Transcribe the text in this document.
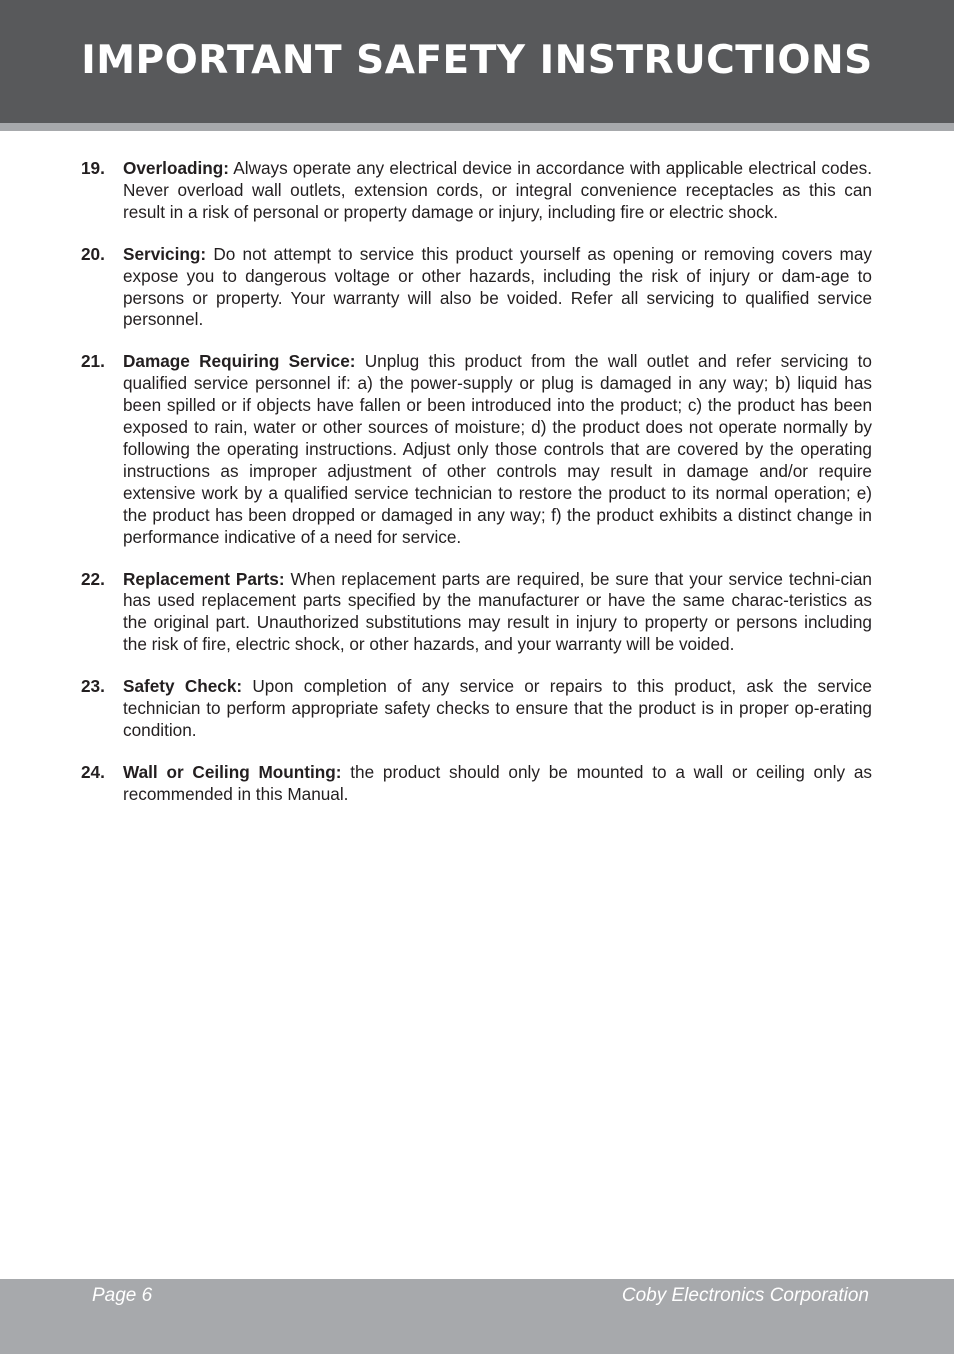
IMPORTANT SAFETY INSTRUCTIONS
19. Overloading: Always operate any electrical device in accordance with applicable electrical codes. Never overload wall outlets, extension cords, or integral convenience receptacles as this can result in a risk of personal or property damage or injury, including fire or electric shock.
20. Servicing: Do not attempt to service this product yourself as opening or removing covers may expose you to dangerous voltage or other hazards, including the risk of injury or dam-age to persons or property. Your warranty will also be voided. Refer all servicing to qualified service personnel.
21. Damage Requiring Service: Unplug this product from the wall outlet and refer servicing to qualified service personnel if: a) the power-supply or plug is damaged in any way; b) liquid has been spilled or if objects have fallen or been introduced into the product; c) the product has been exposed to rain, water or other sources of moisture; d) the product does not operate normally by following the operating instructions. Adjust only those controls that are covered by the operating instructions as improper adjustment of other controls may result in damage and/or require extensive work by a qualified service technician to restore the product to its normal operation; e) the product has been dropped or damaged in any way; f) the product exhibits a distinct change in performance indicative of a need for service.
22. Replacement Parts: When replacement parts are required, be sure that your service techni-cian has used replacement parts specified by the manufacturer or have the same charac-teristics as the original part. Unauthorized substitutions may result in injury to property or persons including the risk of fire, electric shock, or other hazards, and your warranty will be voided.
23. Safety Check: Upon completion of any service or repairs to this product, ask the service technician to perform appropriate safety checks to ensure that the product is in proper op-erating condition.
24. Wall or Ceiling Mounting: the product should only be mounted to a wall or ceiling only as recommended in this Manual.
Page 6	Coby Electronics Corporation
